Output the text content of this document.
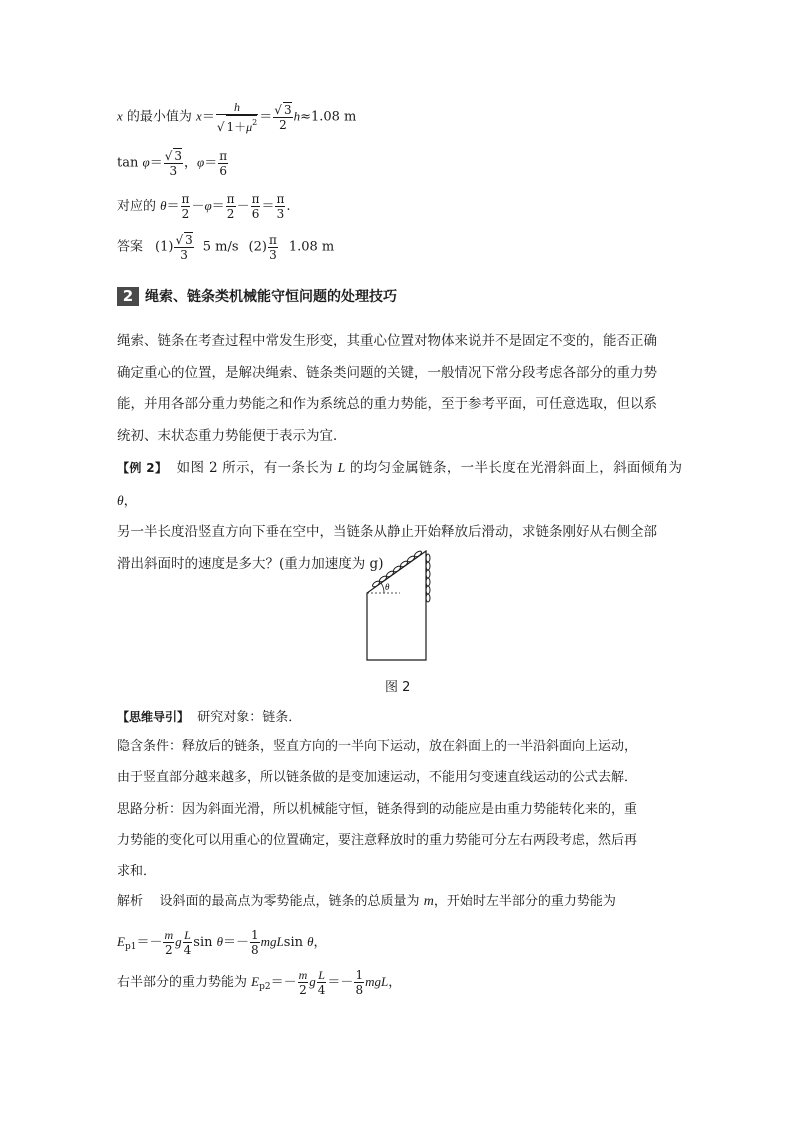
x 的最小值为 $x= \frac{h}{√ 1+\mu^2} = \frac{√ 3}{2} h\approx 1.08$ m
$\tan \varphi= \frac{√ 3}{3}$ ，$\varphi= \frac{\pi}{6}$
对应的 $\theta= \frac{\pi}{2} -\varphi= \frac{\pi}{2} - \frac{\pi}{6} = \frac{\pi}{3}$ .
答案 $(1) \frac{√ 3}{3} 5$ m/s $(2) \frac{\pi}{3} 1.08$ m
2 绳索、链条类机械能守恒问题的处理技巧
绳索、链条在考查过程中常发生形变，其重心位置对物体来说并不是固定不变的，能否正确
确定重心的位置，是解决绳索、链条类问题的关键，一般情况下常分段考虑各部分的重力势
能，并用各部分重力势能之和作为系统总的重力势能，至于参考平面，可任意选取，但以系
统初、末状态重力势能便于表示为宜．
【例 2】 如图 2 所示，有一条长为 L 的均匀金属链条，一半长度在光滑斜面上，斜面倾角为 θ，
另一半长度沿竖直方向下垂在空中，当链条从静止开始释放后滑动，求链条刚好从右侧全部
滑出斜面时的速度是多大？(重力加速度为 g)
θ
图 2
【思维导引】 研究对象：链条．
隐含条件：释放后的链条，竖直方向的一半向下运动，放在斜面上的一半沿斜面向上运动，
由于竖直部分越来越多，所以链条做的是变加速运动，不能用匀变速直线运动的公式去解．
思路分析：因为斜面光滑，所以机械能守恒，链条得到的动能应是由重力势能转化来的，重
力势能的变化可以用重心的位置确定，要注意释放时的重力势能可分左右两段考虑，然后再
求和．
解析 设斜面的最高点为零势能点，链条的总质量为 m，开始时左半部分的重力势能为
$E_{p1}=- \frac{m}{2}$ g $\frac{L}{4}$ $\sin \theta=- \frac{1}{8}$ mgLsin θ，
右半部分的重力势能为 $E_{p2}=- \frac{m}{2}$ g $\frac{L}{4} =- \frac{1}{8}$ mgL，
